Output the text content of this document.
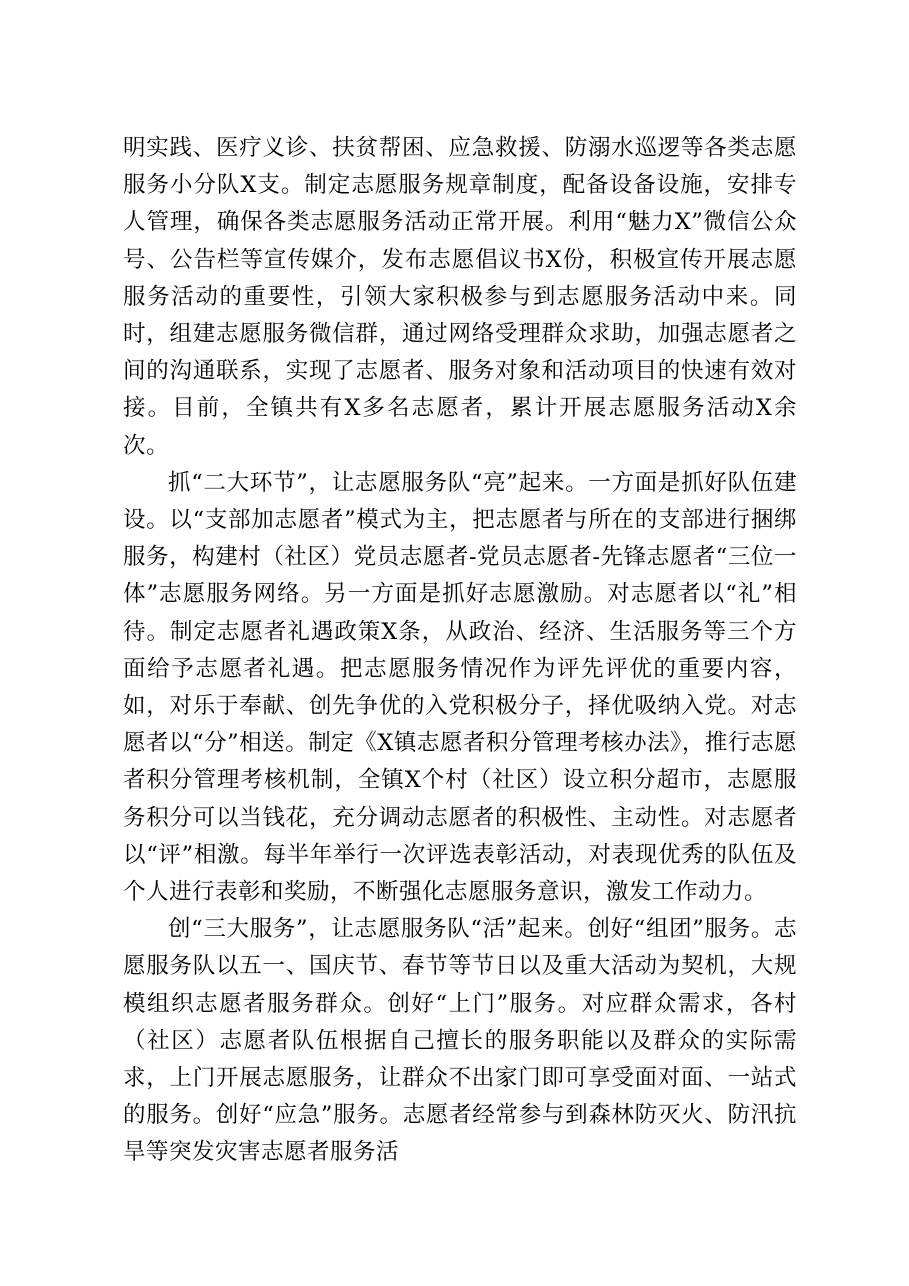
明实践、医疗义诊、扶贫帮困、应急救援、防溺水巡逻等各类志愿服务小分队X支。制定志愿服务规章制度，配备设备设施，安排专人管理，确保各类志愿服务活动正常开展。利用“魅力X”微信公众号、公告栏等宣传媒介，发布志愿倡议书X份，积极宣传开展志愿服务活动的重要性，引领大家积极参与到志愿服务活动中来。同时，组建志愿服务微信群，通过网络受理群众求助，加强志愿者之间的沟通联系，实现了志愿者、服务对象和活动项目的快速有效对接。目前，全镇共有X多名志愿者，累计开展志愿服务活动X余次。

抓“二大环节”，让志愿服务队“亮”起来。一方面是抓好队伍建设。以“支部加志愿者”模式为主，把志愿者与所在的支部进行捆绑服务，构建村（社区）党员志愿者-党员志愿者-先锋志愿者“三位一体”志愿服务网络。另一方面是抓好志愿激励。对志愿者以“礼”相待。制定志愿者礼遇政策X条，从政治、经济、生活服务等三个方面给予志愿者礼遇。把志愿服务情况作为评先评优的重要内容，如，对乐于奉献、创先争优的入党积极分子，择优吸纳入党。对志愿者以“分”相送。制定《X镇志愿者积分管理考核办法》，推行志愿者积分管理考核机制，全镇X个村（社区）设立积分超市，志愿服务积分可以当钱花，充分调动志愿者的积极性、主动性。对志愿者以“评”相激。每半年举行一次评选表彰活动，对表现优秀的队伍及个人进行表彰和奖励，不断强化志愿服务意识，激发工作动力。

创“三大服务”，让志愿服务队“活”起来。创好“组团”服务。志愿服务队以五一、国庆节、春节等节日以及重大活动为契机，大规模组织志愿者服务群众。创好“上门”服务。对应群众需求，各村（社区）志愿者队伍根据自己擅长的服务职能以及群众的实际需求，上门开展志愿服务，让群众不出家门即可享受面对面、一站式的服务。创好“应急”服务。志愿者经常参与到森林防灭火、防汛抗旱等突发灾害志愿者服务活
